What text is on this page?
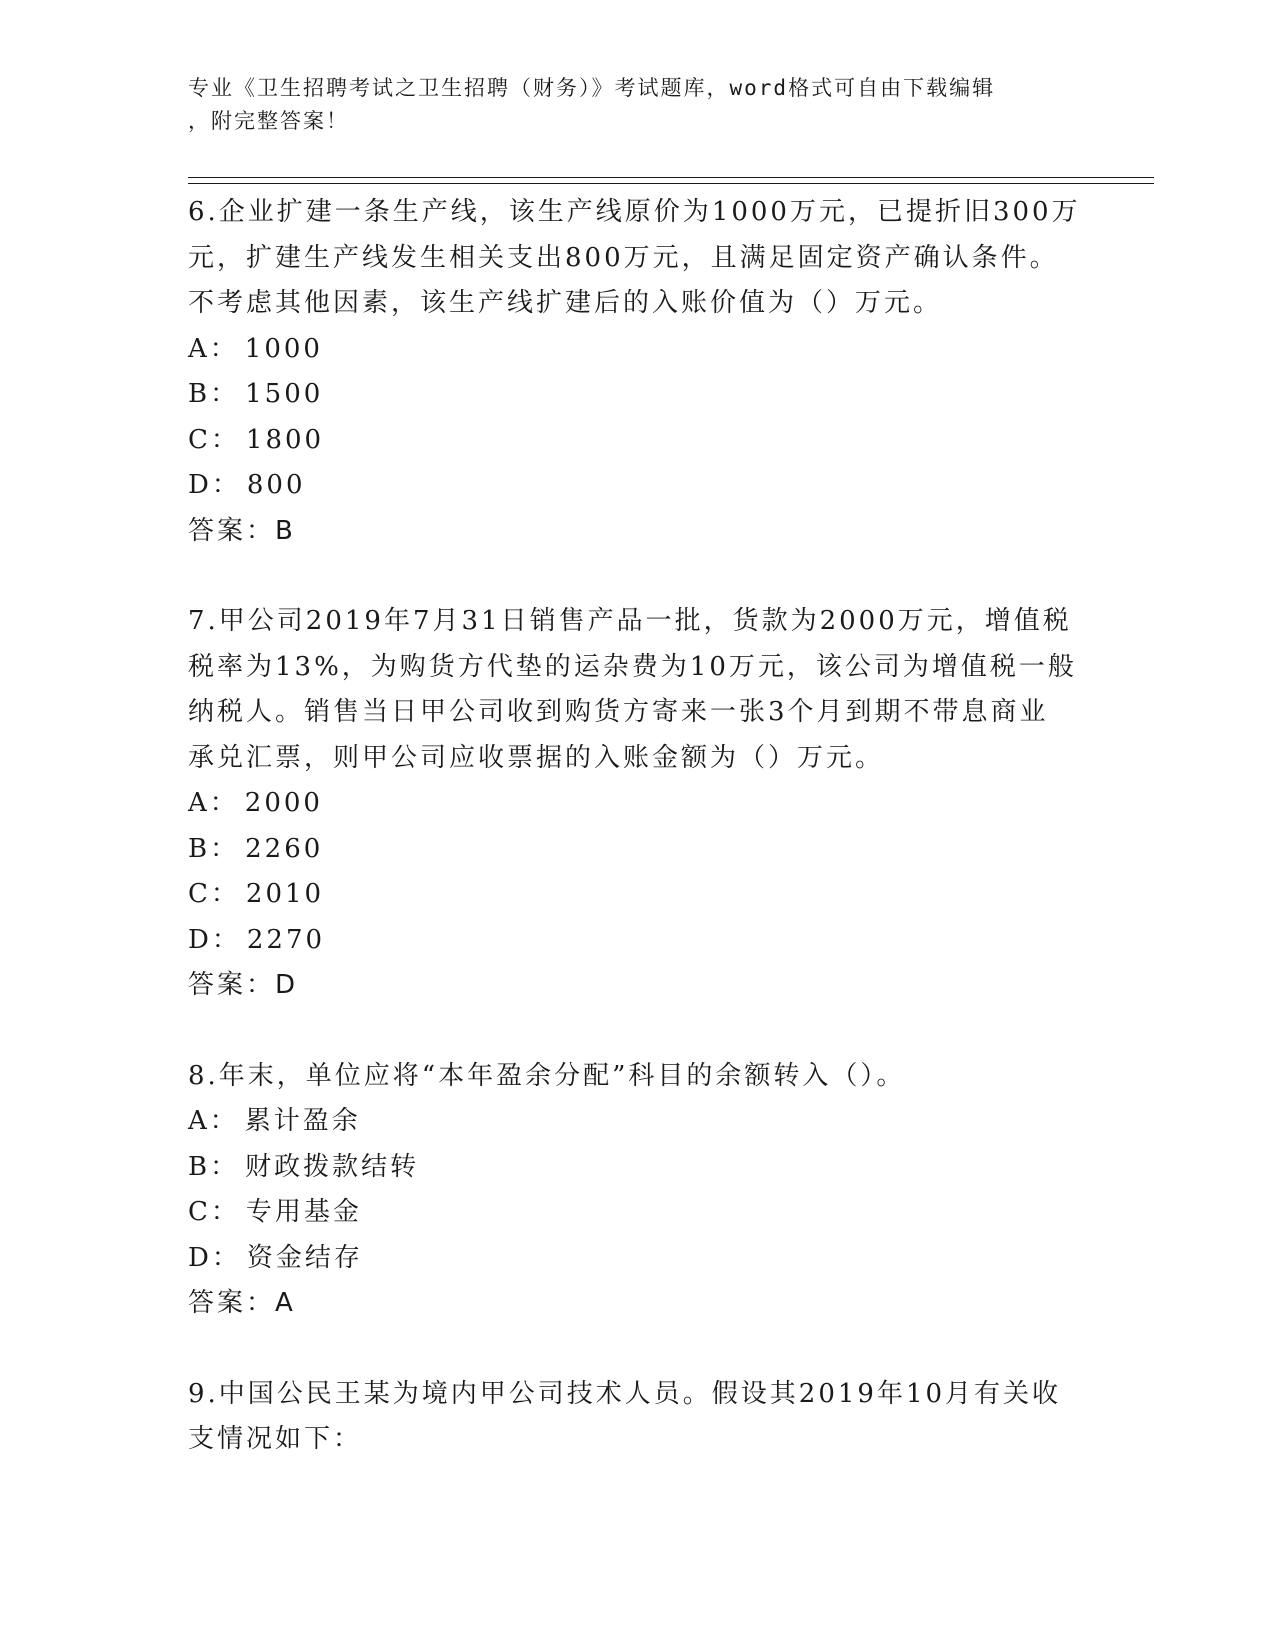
专业《卫生招聘考试之卫生招聘（财务）》考试题库，word格式可自由下载编辑
，附完整答案！
6.企业扩建一条生产线，该生产线原价为1000万元，已提折旧300万
元，扩建生产线发生相关支出800万元，且满足固定资产确认条件。
不考虑其他因素，该生产线扩建后的入账价值为（）万元。
A： 1000
B： 1500
C： 1800
D： 800
答案：B
7.甲公司2019年7月31日销售产品一批，货款为2000万元，增值税
税率为13%，为购货方代垫的运杂费为10万元，该公司为增值税一般
纳税人。销售当日甲公司收到购货方寄来一张3个月到期不带息商业
承兑汇票，则甲公司应收票据的入账金额为（）万元。
A： 2000
B： 2260
C： 2010
D： 2270
答案：D
8.年末，单位应将“本年盈余分配”科目的余额转入（）。
A： 累计盈余
B： 财政拨款结转
C： 专用基金
D： 资金结存
答案：A
9.中国公民王某为境内甲公司技术人员。假设其2019年10月有关收
支情况如下：
